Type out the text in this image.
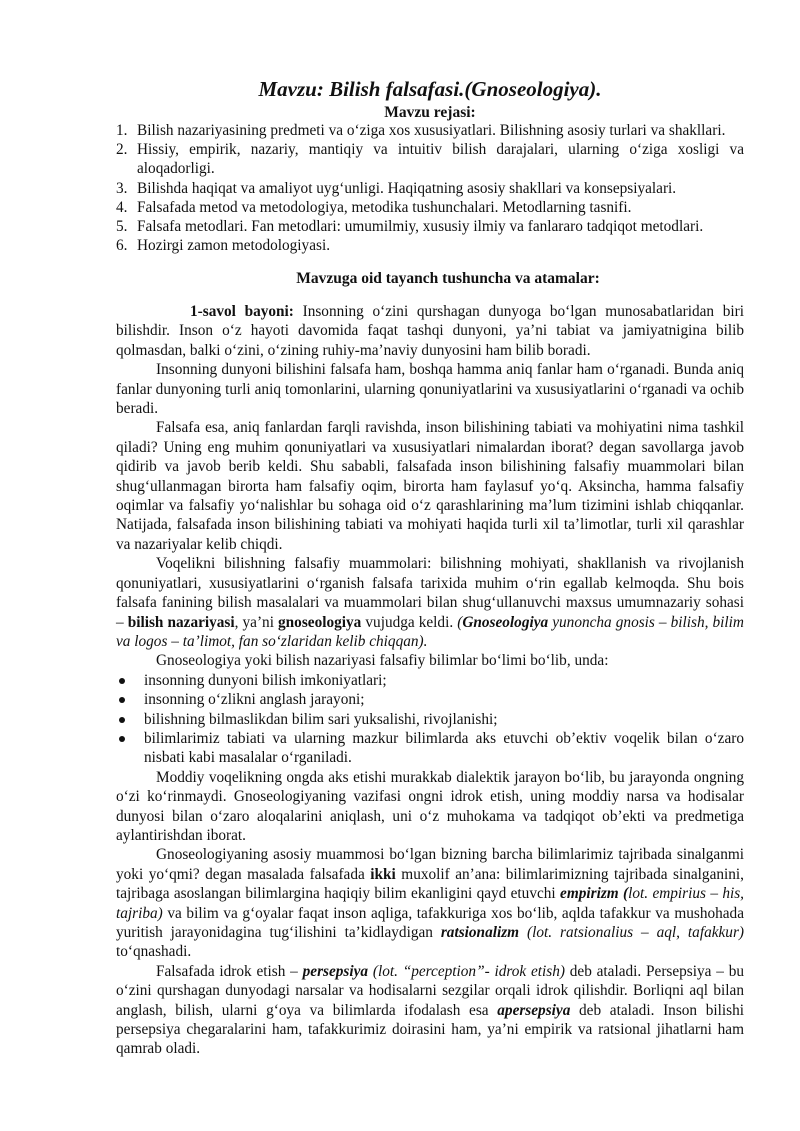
Mavzu: Bilish falsafasi.(Gnoseologiya).
Mavzu rejasi:
1. Bilish nazariyasining predmeti va o‘ziga xos xususiyatlari. Bilishning asosiy turlari va shakllari.
2. Hissiy, empirik, nazariy, mantiqiy va intuitiv bilish darajalari, ularning o‘ziga xosligi va aloqadorligi.
3. Bilishda haqiqat va amaliyot uyg‘unligi. Haqiqatning asosiy shakllari va konsepsiyalari.
4. Falsafada metod va metodologiya, metodika tushunchalari. Metodlarning tasnifi.
5. Falsafa metodlari. Fan metodlari: umumilmiy, xususiy ilmiy va fanlararo tadqiqot metodlari.
6. Hozirgi zamon metodologiyasi.
Mavzuga oid tayanch tushuncha va atamalar:

1-savol bayoni: Insonning o‘zini qurshagan dunyoga bo‘lgan munosabatlaridan biri bilishdir. Inson o‘z hayoti davomida faqat tashqi dunyoni, ya’ni tabiat va jamiyatnigina bilib qolmasdan, balki o‘zini, o‘zining ruhiy-ma’naviy dunyosini ham bilib boradi.

Insonning dunyoni bilishini falsafa ham, boshqa hamma aniq fanlar ham o‘rganadi. Bunda aniq fanlar dunyoning turli aniq tomonlarini, ularning qonuniyatlarini va xususiyatlarini o‘rganadi va ochib beradi.

Falsafa esa, aniq fanlardan farqli ravishda, inson bilishining tabiati va mohiyatini nima tashkil qiladi? Uning eng muhim qonuniyatlari va xususiyatlari nimalardan iborat? degan savollarga javob qidirib va javob berib keldi. Shu sababli, falsafada inson bilishining falsafiy muammolari bilan shug‘ullanmagan birorta ham falsafiy oqim, birorta ham faylasuf yo‘q. Aksincha, hamma falsafiy oqimlar va falsafiy yo‘nalishlar bu sohaga oid o‘z qarashlarining ma’lum tizimini ishlab chiqqanlar. Natijada, falsafada inson bilishining tabiati va mohiyati haqida turli xil ta’limotlar, turli xil qarashlar va nazariyalar kelib chiqdi.

Voqelikni bilishning falsafiy muammolari: bilishning mohiyati, shakllanish va rivojlanish qonuniyatlari, xususiyatlarini o‘rganish falsafa tarixida muhim o‘rin egallab kelmoqda. Shu bois falsafa fanining bilish masalalari va muammolari bilan shug‘ullanuvchi maxsus umumnazariy sohasi – bilish nazariyasi, ya’ni gnoseologiya vujudga keldi. (Gnoseologiya yunoncha gnosis – bilish, bilim va logos – ta’limot, fan so‘zlaridan kelib chiqqan).

Gnoseologiya yoki bilish nazariyasi falsafiy bilimlar bo‘limi bo‘lib, unda:

insonning dunyoni bilish imkoniyatlari;
insonning o‘zlikni anglash jarayoni;
bilishning bilmaslikdan bilim sari yuksalishi, rivojlanishi;
bilimlarimiz tabiati va ularning mazkur bilimlarda aks etuvchi ob’ektiv voqelik bilan o‘zaro nisbati kabi masalalar o‘rganiladi.

Moddiy voqelikning ongda aks etishi murakkab dialektik jarayon bo‘lib, bu jarayonda ongning o‘zi ko‘rinmaydi. Gnoseologiyaning vazifasi ongni idrok etish, uning moddiy narsa va hodisalar dunyosi bilan o‘zaro aloqalarini aniqlash, uni o‘z muhokama va tadqiqot ob’ekti va predmetiga aylantirishdan iborat.

Gnoseologiyaning asosiy muammosi bo‘lgan bizning barcha bilimlarimiz tajribada sinalganmi yoki yo‘qmi? degan masalada falsafada ikki muxolif an’ana: bilimlarimizning tajribada sinalganini, tajribaga asoslangan bilimlargina haqiqiy bilim ekanligini qayd etuvchi empirizm (lot. empirius – his, tajriba) va bilim va g‘oyalar faqat inson aqliga, tafakkuriga xos bo‘lib, aqlda tafakkur va mushohada yuritish jarayonidagina tug‘ilishini ta’kidlaydigan ratsionalizm (lot. ratsionalius – aql, tafakkur) to‘qnashadi.

Falsafada idrok etish – persepsiya (lot. “perception”- idrok etish) deb ataladi. Persepsiya – bu o‘zini qurshagan dunyodagi narsalar va hodisalarni sezgilar orqali idrok qilishdir. Borliqni aql bilan anglash, bilish, ularni g‘oya va bilimlarda ifodalash esa apersepsiya deb ataladi. Inson bilishi persepsiya chegaralarini ham, tafakkurimiz doirasini ham, ya’ni empirik va ratsional jihatlarni ham qamrab oladi.
